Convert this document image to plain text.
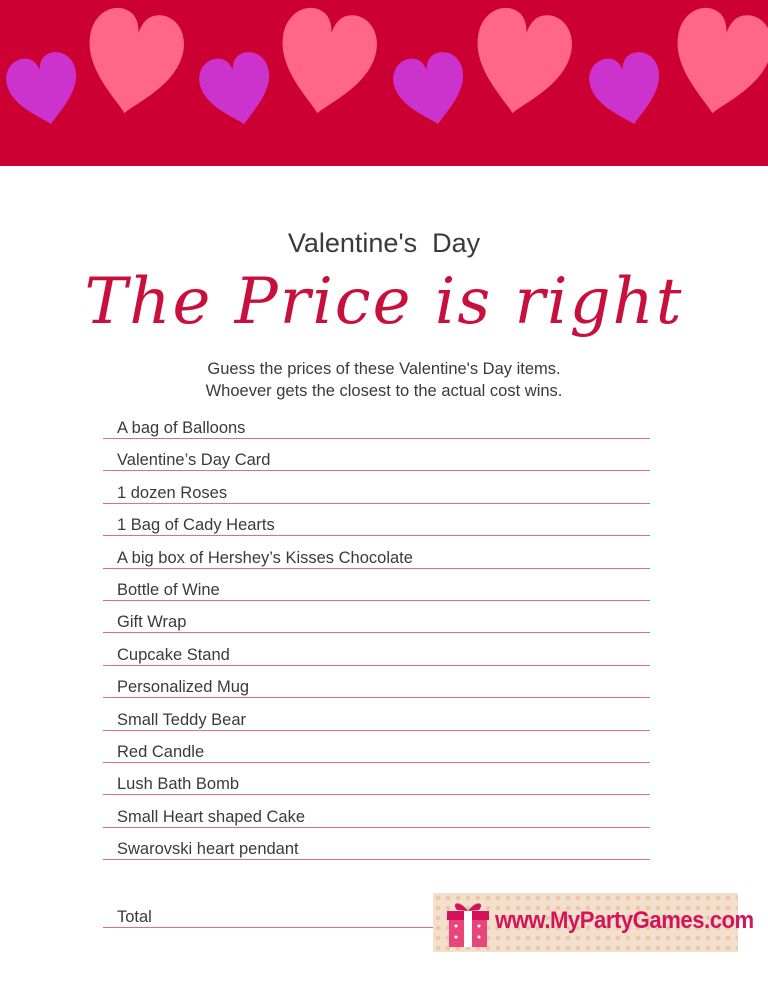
Valentine's  Day
The Price is right
Guess the prices of these Valentine's Day items.
Whoever gets the closest to the actual cost wins.
A bag of Balloons
Valentine’s Day Card
1 dozen Roses
1 Bag of Cady Hearts
A big box of Hershey’s Kisses Chocolate
Bottle of Wine
Gift Wrap
Cupcake Stand
Personalized Mug
Small Teddy Bear
Red Candle
Lush Bath Bomb
Small Heart shaped Cake
Swarovski heart pendant
Total	www.MyPartyGames.com
